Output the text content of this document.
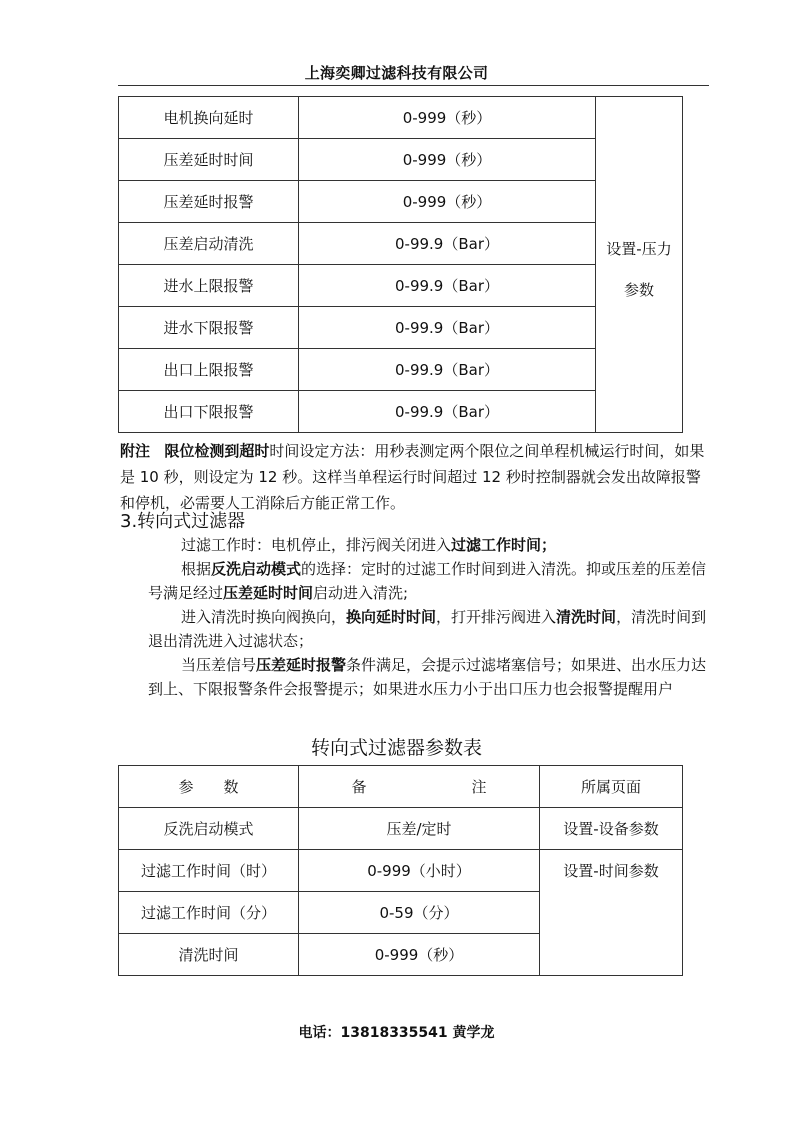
上海奕卿过滤科技有限公司
电机换向延时	0-999（秒）	设置-压力
参数

压差延时时间	0-999（秒）	
压差延时报警	0-999（秒）	
压差启动清洗	0-99.9（Bar）	
进水上限报警	0-99.9（Bar）	
进水下限报警	0-99.9（Bar）	
出口上限报警	0-99.9（Bar）	
出口下限报警	0-99.9（Bar）	
附注 限位检测到超时时间设定方法：用秒表测定两个限位之间单程机械运行时间，如果是 10 秒，则设定为 12 秒。这样当单程运行时间超过 12 秒时控制器就会发出故障报警和停机，必需要人工消除后方能正常工作。
3.转向式过滤器
过滤工作时：电机停止，排污阀关闭进入过滤工作时间；
根据反洗启动模式的选择：定时的过滤工作时间到进入清洗。抑或压差的压差信号满足经过压差延时时间启动进入清洗;
进入清洗时换向阀换向，换向延时时间，打开排污阀进入清洗时间，清洗时间到退出清洗进入过滤状态；
当压差信号压差延时报警条件满足，会提示过滤堵塞信号；如果进、出水压力达到上、下限报警条件会报警提示；如果进水压力小于出口压力也会报警提醒用户
转向式过滤器参数表
参　　数	备　　　　　　　注	所属页面
反洗启动模式	压差/定时	设置-设备参数
过滤工作时间（时）	0-999（小时）	设置-时间参数
过滤工作时间（分）	0-59（分）	
清洗时间	0-999（秒）	
电话：13818335541 黄学龙
